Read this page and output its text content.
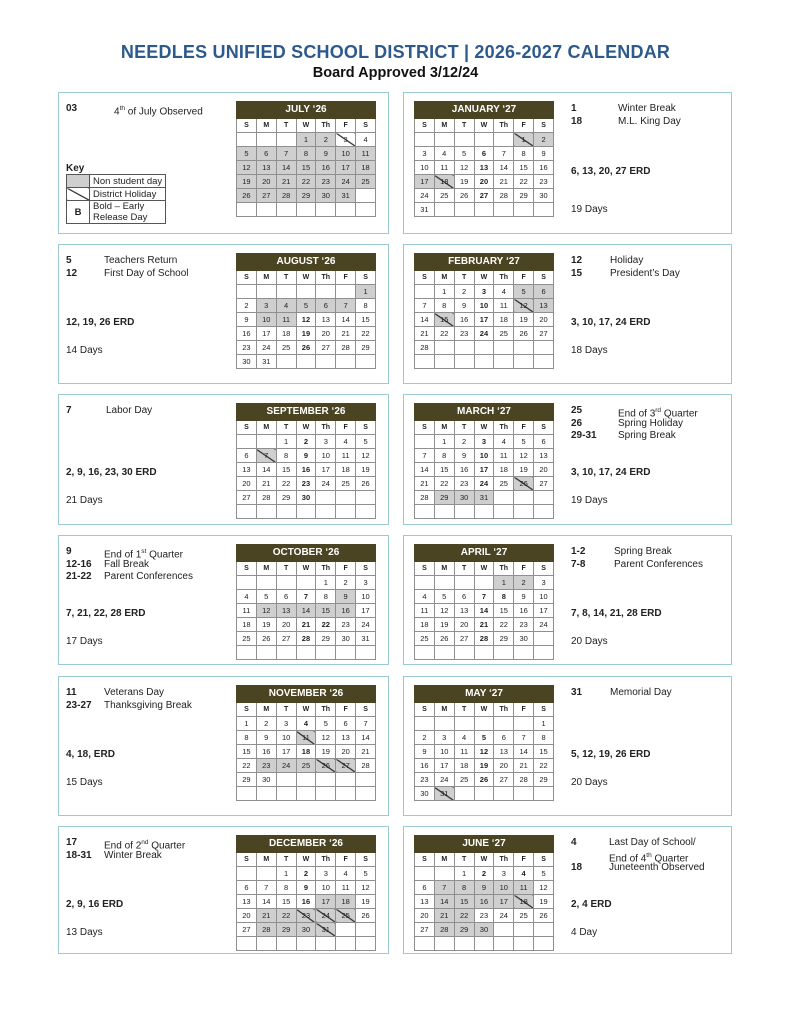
NEEDLES UNIFIED SCHOOL DISTRICT | 2026-2027 CALENDAR
Board Approved 3/12/24
JULY ‘26						
S	M	T	W	Th	F	S
			1	2	3	4
5	6	7	8	9	10	11
12	13	14	15	16	17	18
19	20	21	22	23	24	25
26	27	28	29	30	31	

03	4th of July Observed	JANUARY ‘27						
S	M	T	W	Th	F	S
					1	2
3	4	5	6	7	8	9
10	11	12	13	14	15	16
17	18	19	20	21	22	23
24	25	26	27	28	29	30
31						
1	Winter Break
18	M.L. King Day
6, 13, 20, 27 ERD
19 Days
AUGUST ‘26						
S	M	T	W	Th	F	S
						1
2	3	4	5	6	7	8
9	10	11	12	13	14	15
16	17	18	19	20	21	22
23	24	25	26	27	28	29
30	31					
5	Teachers Return
12	First Day of School
12, 19, 26 ERD
14 Days
FEBRUARY ‘27						
S	M	T	W	Th	F	S
	1	2	3	4	5	6
7	8	9	10	11	12	13
14	15	16	17	18	19	20
21	22	23	24	25	26	27
28						

12	Holiday
15	President’s Day
3, 10, 17, 24 ERD
18 Days
SEPTEMBER ‘26						
S	M	T	W	Th	F	S
		1	2	3	4	5
6	7	8	9	10	11	12
13	14	15	16	17	18	19
20	21	22	23	24	25	26
27	28	29	30			

7	Labor Day
2, 9, 16, 23, 30 ERD
21 Days
MARCH ‘27						
S	M	T	W	Th	F	S
	1	2	3	4	5	6
7	8	9	10	11	12	13
14	15	16	17	18	19	20
21	22	23	24	25	26	27
28	29	30	31			

25	End of 3rd Quarter
26	Spring Holiday
29-31 Spring Break
3, 10, 17, 24 ERD
19 Days
OCTOBER ‘26						
S	M	T	W	Th	F	S
				1	2	3
4	5	6	7	8	9	10
11	12	13	14	15	16	17
18	19	20	21	22	23	24
25	26	27	28	29	30	31

9	End of 1st Quarter
12-16 Fall Break
21-22 Parent Conferences
7, 21, 22, 28 ERD
17 Days
APRIL ‘27						
S	M	T	W	Th	F	S
				1	2	3
4	5	6	7	8	9	10
11	12	13	14	15	16	17
18	19	20	21	22	23	24
25	26	27	28	29	30	

1-2	Spring Break
7-8	Parent Conferences
7, 8, 14, 21, 28 ERD
20 Days
NOVEMBER ‘26						
S	M	T	W	Th	F	S
1	2	3	4	5	6	7
8	9	10	11	12	13	14
15	16	17	18	19	20	21
22	23	24	25	26	27	28
29	30					

11	Veterans Day
23-27 Thanksgiving Break
4, 18, ERD
15 Days
MAY ‘27						
S	M	T	W	Th	F	S
						1
2	3	4	5	6	7	8
9	10	11	12	13	14	15
16	17	18	19	20	21	22
23	24	25	26	27	28	29
30	31					
31	Memorial Day
5, 12, 19, 26 ERD
20 Days
DECEMBER ‘26						
S	M	T	W	Th	F	S
		1	2	3	4	5
6	7	8	9	10	11	12
13	14	15	16	17	18	19
20	21	22	23	24	25	26
27	28	29	30	31		

17	End of 2nd Quarter
18-31 Winter Break
2, 9, 16 ERD
13 Days
JUNE ‘27						
S	M	T	W	Th	F	S
		1	2	3	4	5
6	7	8	9	10	11	12
13	14	15	16	17	18	19
20	21	22	23	24	25	26
27	28	29	30			

4	Last Day of School/
End of 4th Quarter
18	Juneteenth Observed
2, 4 ERD
4 Day
Key
	Non student day
	District Holiday
B	Bold – Early
Release Day
